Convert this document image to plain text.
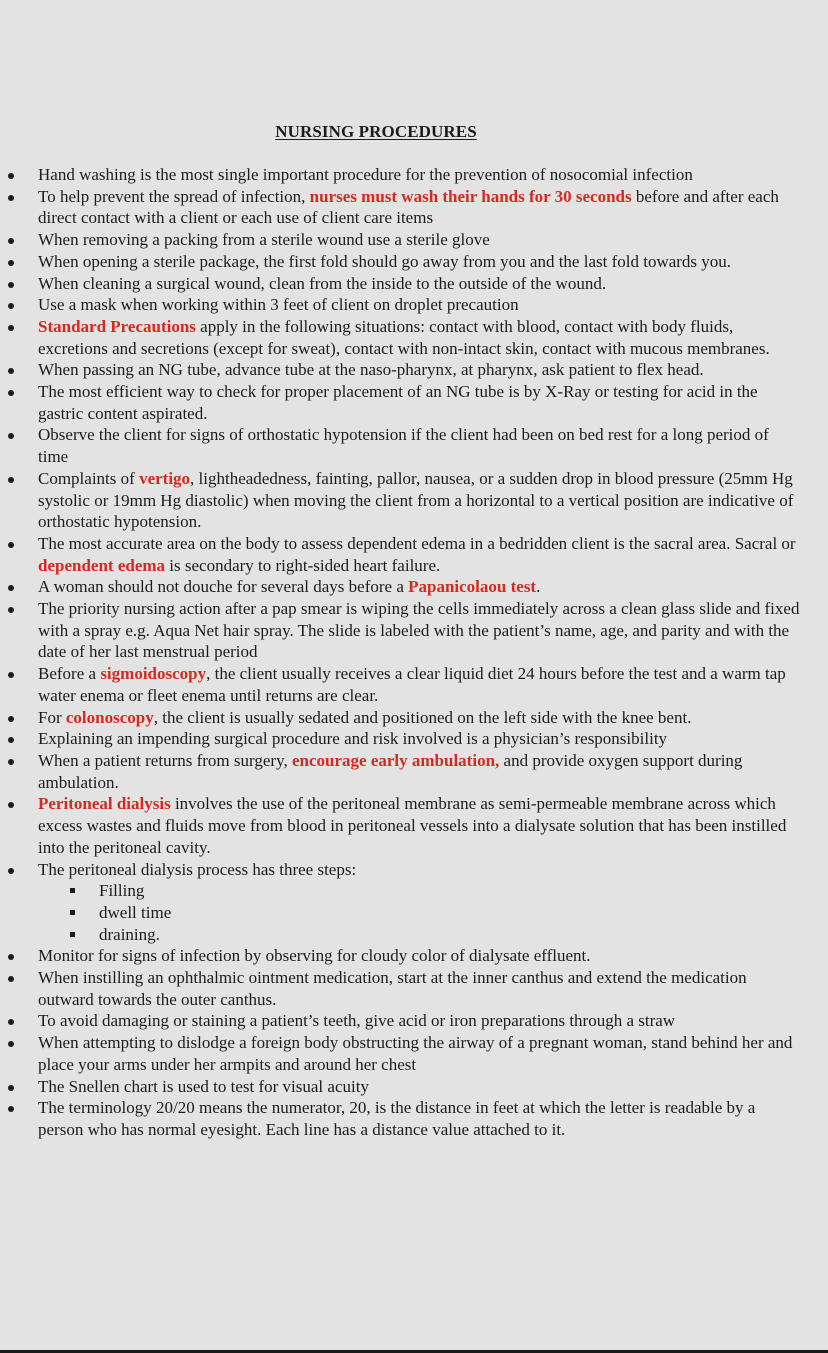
NURSING PROCEDURES
Hand washing is the most single important procedure for the prevention of nosocomial infection
To help prevent the spread of infection, nurses must wash their hands for 30 seconds before and after each direct contact with a client or each use of client care items
When removing a packing from a sterile wound use a sterile glove
When opening a sterile package, the first fold should go away from you and the last fold towards you.
When cleaning a surgical wound, clean from the inside to the outside of the wound.
Use a mask when working within 3 feet of client on droplet precaution
Standard Precautions apply in the following situations: contact with blood, contact with body fluids, excretions and secretions (except for sweat), contact with non-intact skin, contact with mucous membranes.
When passing an NG tube, advance tube at the naso-pharynx, at pharynx, ask patient to flex head.
The most efficient way to check for proper placement of an NG tube is by X-Ray or testing for acid in the gastric content aspirated.
Observe the client for signs of orthostatic hypotension if the client had been on bed rest for a long period of time
Complaints of vertigo, lightheadedness, fainting, pallor, nausea, or a sudden drop in blood pressure (25mm Hg systolic or 19mm Hg diastolic) when moving the client from a horizontal to a vertical position are indicative of orthostatic hypotension.
The most accurate area on the body to assess dependent edema in a bedridden client is the sacral area. Sacral or dependent edema is secondary to right-sided heart failure.
A woman should not douche for several days before a Papanicolaou test.
The priority nursing action after a pap smear is wiping the cells immediately across a clean glass slide and fixed with a spray e.g. Aqua Net hair spray. The slide is labeled with the patient’s name, age, and parity and with the date of her last menstrual period
Before a sigmoidoscopy, the client usually receives a clear liquid diet 24 hours before the test and a warm tap water enema or fleet enema until returns are clear.
For colonoscopy, the client is usually sedated and positioned on the left side with the knee bent.
Explaining an impending surgical procedure and risk involved is a physician’s responsibility
When a patient returns from surgery, encourage early ambulation, and provide oxygen support during ambulation.
Peritoneal dialysis involves the use of the peritoneal membrane as semi-permeable membrane across which excess wastes and fluids move from blood in peritoneal vessels into a dialysate solution that has been instilled into the peritoneal cavity.
The peritoneal dialysis process has three steps:
Filling
dwell time
draining.
Monitor for signs of infection by observing for cloudy color of dialysate effluent.
When instilling an ophthalmic ointment medication, start at the inner canthus and extend the medication outward towards the outer canthus.
To avoid damaging or staining a patient’s teeth, give acid or iron preparations through a straw
When attempting to dislodge a foreign body obstructing the airway of a pregnant woman, stand behind her and place your arms under her armpits and around her chest
The Snellen chart is used to test for visual acuity
The terminology 20/20 means the numerator, 20, is the distance in feet at which the letter is readable by a person who has normal eyesight. Each line has a distance value attached to it.
